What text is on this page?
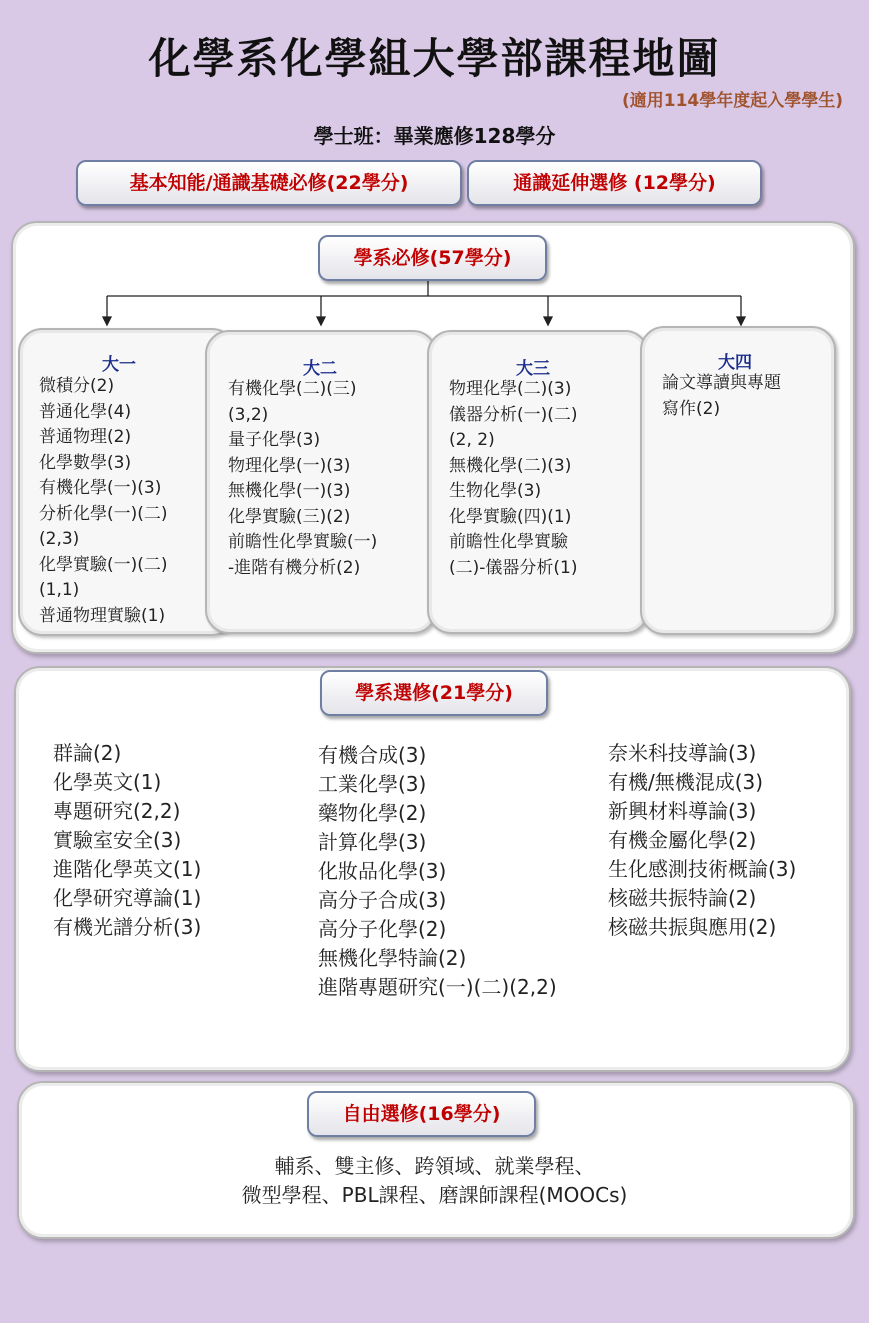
化學系化學組大學部課程地圖
(適用114學年度起入學學生)
學士班：畢業應修128學分
基本知能/通識基礎必修(22學分)	通識延伸選修 (12學分)
學系必修(57學分)
大一
微積分(2)
普通化學(4)
普通物理(2)
化學數學(3)
有機化學(一)(3)
分析化學(一)(二)
(2,3)
化學實驗(一)(二)
(1,1)
普通物理實驗(1)
大二
有機化學(二)(三)
(3,2)
量子化學(3)
物理化學(一)(3)
無機化學(一)(3)
化學實驗(三)(2)
前瞻性化學實驗(一)
-進階有機分析(2)
大三
物理化學(二)(3)
儀器分析(一)(二)
(2, 2)
無機化學(二)(3)
生物化學(3)
化學實驗(四)(1)
前瞻性化學實驗
(二)-儀器分析(1)
大四
論文導讀與專題
寫作(2)
學系選修(21學分)
群論(2)
化學英文(1)
專題研究(2,2)
實驗室安全(3)
進階化學英文(1)
化學研究導論(1)
有機光譜分析(3)
有機合成(3)
工業化學(3)
藥物化學(2)
計算化學(3)
化妝品化學(3)
高分子合成(3)
高分子化學(2)
無機化學特論(2)
進階專題研究(一)(二)(2,2)
奈米科技導論(3)
有機/無機混成(3)
新興材料導論(3)
有機金屬化學(2)
生化感測技術概論(3)
核磁共振特論(2)
核磁共振與應用(2)
自由選修(16學分)
輔系、雙主修、跨領域、就業學程、
微型學程、PBL課程、磨課師課程(MOOCs)
